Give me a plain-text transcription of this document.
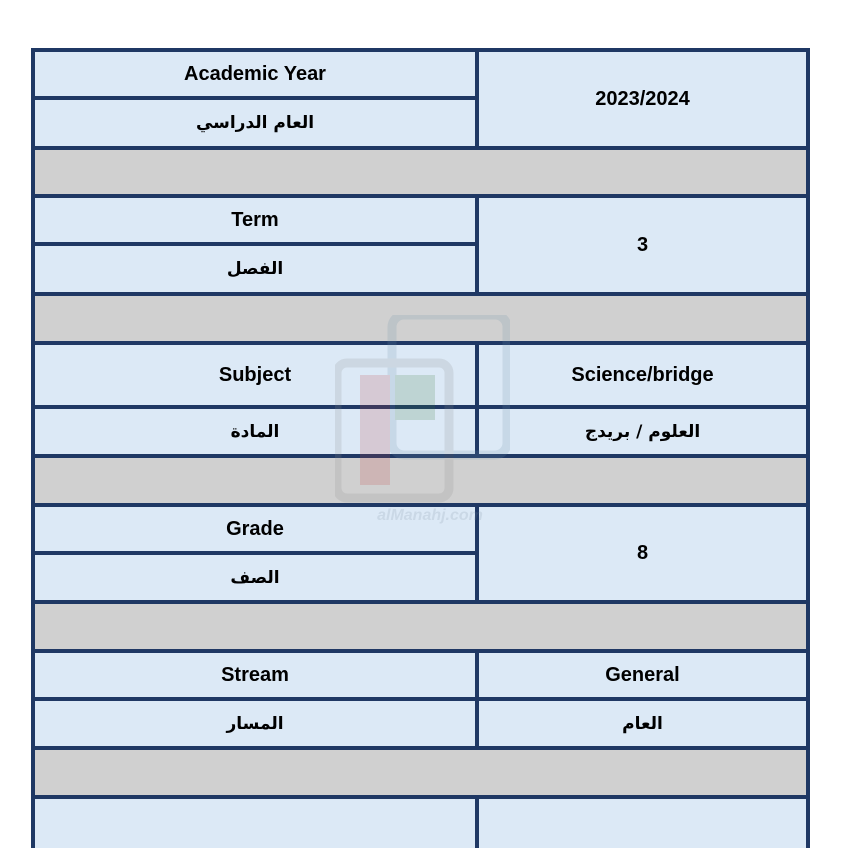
Academic Year
العام الدراسي
2023/2024
Term
الفصل
3
Subject
المادة
Science/bridge
العلوم / بريدج
Grade
الصف
8
Stream
المسار
General
العام
